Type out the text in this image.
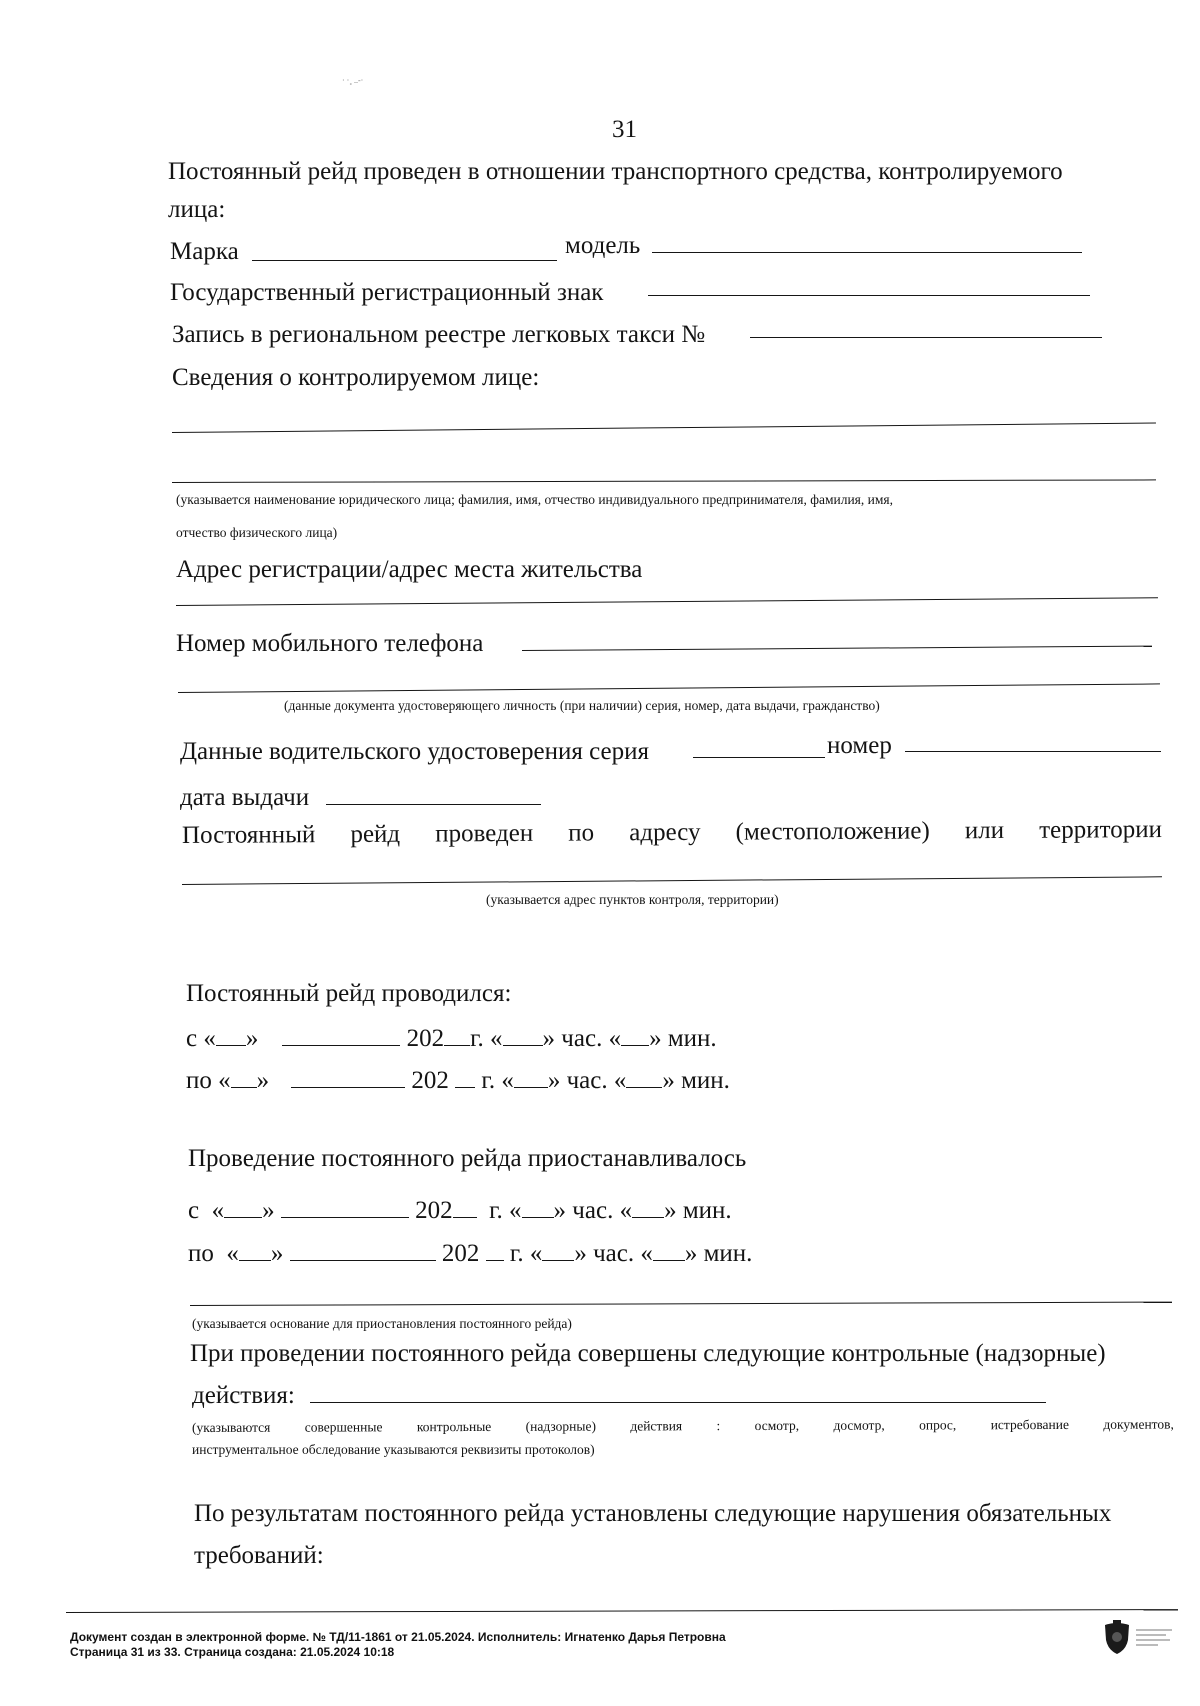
· ·˳ ..‑·
31
Постоянный рейд проведен в отношении транспортного средства, контролируемого
лица:
Марка	модель
Государственный регистрационный знак
Запись в региональном реестре легковых такси №
Сведения о контролируемом лице:
(указывается наименование юридического лица; фамилия, имя, отчество индивидуального предпринимателя, фамилия, имя,
отчество физического лица)
Адрес регистрации/адрес места жительства
Номер мобильного телефона
(данные документа удостоверяющего личность (при наличии) серия, номер, дата выдачи, гражданство)
Данные водительского удостоверения серия	номер
дата выдачи
Постоянный рейд проведен по адресу (местоположение) или территории
(указывается адрес пунктов контроля, территории)
Постоянный рейд проводился:
с « »	202 г. « » час. « » мин.
по « »	202 г. « » час. « » мин.
Проведение постоянного рейда приостанавливалось
с  « »	202 г. « » час. « » мин.
по  « »	202 г. « » час. « » мин.
(указывается основание для приостановления постоянного рейда)
При проведении постоянного рейда совершены следующие контрольные (надзорные)
действия:
(указываются	совершенные	контрольные	(надзорные)	действия	:	осмотр,	досмотр,	опрос,	истребование	документов,
инструментальное обследование указываются реквизиты протоколов)
По результатам постоянного рейда установлены следующие нарушения обязательных
требований:
Документ создан в электронной форме. № ТД/11-1861 от 21.05.2024. Исполнитель: Игнатенко Дарья Петровна
Страница 31 из 33. Страница создана: 21.05.2024 10:18
